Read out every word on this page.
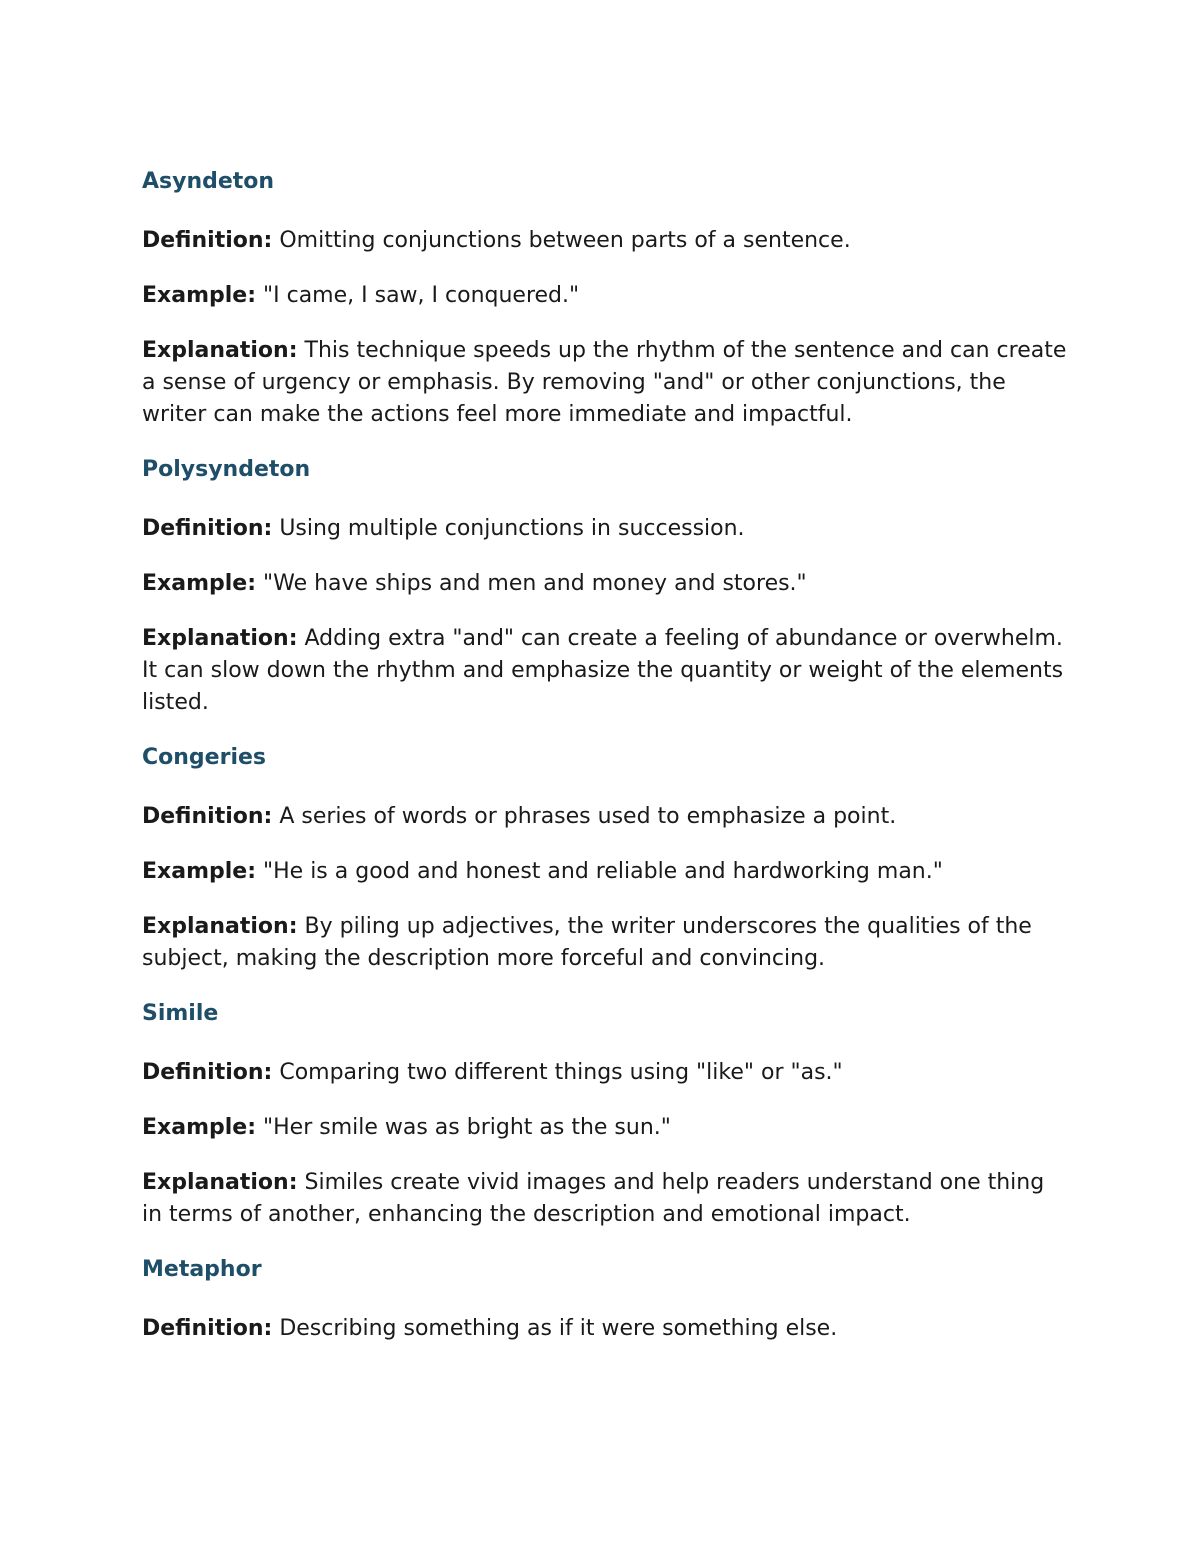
Asyndeton

Definition: Omitting conjunctions between parts of a sentence.

Example: "I came, I saw, I conquered."

Explanation: This technique speeds up the rhythm of the sentence and can create a sense of urgency or emphasis. By removing "and" or other conjunctions, the writer can make the actions feel more immediate and impactful.

Polysyndeton

Definition: Using multiple conjunctions in succession.

Example: "We have ships and men and money and stores."

Explanation: Adding extra "and" can create a feeling of abundance or overwhelm. It can slow down the rhythm and emphasize the quantity or weight of the elements listed.

Congeries

Definition: A series of words or phrases used to emphasize a point.

Example: "He is a good and honest and reliable and hardworking man."

Explanation: By piling up adjectives, the writer underscores the qualities of the subject, making the description more forceful and convincing.

Simile

Definition: Comparing two different things using "like" or "as."

Example: "Her smile was as bright as the sun."

Explanation: Similes create vivid images and help readers understand one thing in terms of another, enhancing the description and emotional impact.

Metaphor

Definition: Describing something as if it were something else.
